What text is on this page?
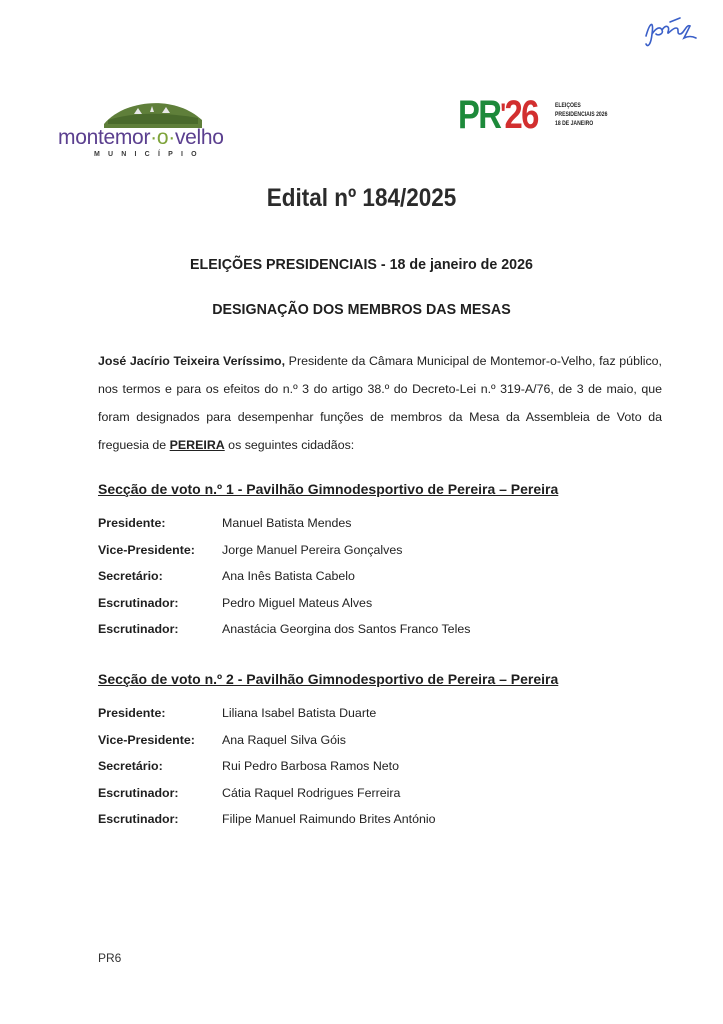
montemor·o·velho
MUNICÍPIO
PR'26	ELEIÇÕES
PRESIDENCIAIS 2026
18 DE JANEIRO
Edital nº 184/2025
ELEIÇÕES PRESIDENCIAIS - 18 de janeiro de 2026
DESIGNAÇÃO DOS MEMBROS DAS MESAS
José Jacírio Teixeira Veríssimo, Presidente da Câmara Municipal de Montemor-o-Velho, faz público, nos termos e para os efeitos do n.º 3 do artigo 38.º do Decreto-Lei n.º 319-A/76, de 3 de maio, que foram designados para desempenhar funções de membros da Mesa da Assembleia de Voto da freguesia de PEREIRA os seguintes cidadãos:
Secção de voto n.º 1 - Pavilhão Gimnodesportivo de Pereira – Pereira
Presidente:	Manuel Batista Mendes
Vice-Presidente:	Jorge Manuel Pereira Gonçalves
Secretário:	Ana Inês Batista Cabelo
Escrutinador:	Pedro Miguel Mateus Alves
Escrutinador:	Anastácia Georgina dos Santos Franco Teles
Secção de voto n.º 2 - Pavilhão Gimnodesportivo de Pereira – Pereira
Presidente:	Liliana Isabel Batista Duarte
Vice-Presidente:	Ana Raquel Silva Góis
Secretário:	Rui Pedro Barbosa Ramos Neto
Escrutinador:	Cátia Raquel Rodrigues Ferreira
Escrutinador:	Filipe Manuel Raimundo Brites António
PR6
